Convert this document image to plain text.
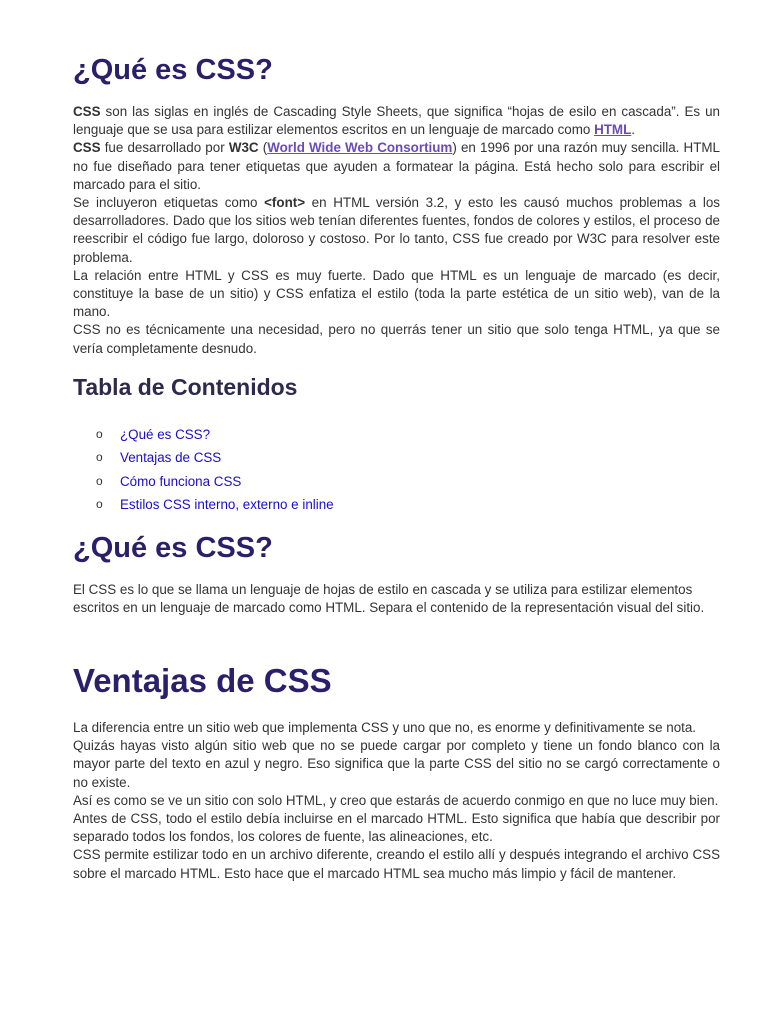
¿Qué es CSS?

CSS son las siglas en inglés de Cascading Style Sheets, que significa “hojas de esilo en cascada”. Es un lenguaje que se usa para estilizar elementos escritos en un lenguaje de marcado como HTML.

CSS fue desarrollado por W3C (World Wide Web Consortium) en 1996 por una razón muy sencilla. HTML no fue diseñado para tener etiquetas que ayuden a formatear la página. Está hecho solo para escribir el marcado para el sitio.

Se incluyeron etiquetas como <font> en HTML versión 3.2, y esto les causó muchos problemas a los desarrolladores. Dado que los sitios web tenían diferentes fuentes, fondos de colores y estilos, el proceso de reescribir el código fue largo, doloroso y costoso. Por lo tanto, CSS fue creado por W3C para resolver este problema.

La relación entre HTML y CSS es muy fuerte. Dado que HTML es un lenguaje de marcado (es decir, constituye la base de un sitio) y CSS enfatiza el estilo (toda la parte estética de un sitio web), van de la mano.

CSS no es técnicamente una necesidad, pero no querrás tener un sitio que solo tenga HTML, ya que se vería completamente desnudo.

Tabla de Contenidos
o	¿Qué es CSS?
o	Ventajas de CSS
o	Cómo funciona CSS
o	Estilos CSS interno, externo e inline
¿Qué es CSS?

El CSS es lo que se llama un lenguaje de hojas de estilo en cascada y se utiliza para estilizar elementos escritos en un lenguaje de marcado como HTML. Separa el contenido de la representación visual del sitio.

Ventajas de CSS

La diferencia entre un sitio web que implementa CSS y uno que no, es enorme y definitivamente se nota.

Quizás hayas visto algún sitio web que no se puede cargar por completo y tiene un fondo blanco con la mayor parte del texto en azul y negro. Eso significa que la parte CSS del sitio no se cargó correctamente o no existe.

Así es como se ve un sitio con solo HTML, y creo que estarás de acuerdo conmigo en que no luce muy bien.

Antes de CSS, todo el estilo debía incluirse en el marcado HTML. Esto significa que había que describir por separado todos los fondos, los colores de fuente, las alineaciones, etc.

CSS permite estilizar todo en un archivo diferente, creando el estilo allí y después integrando el archivo CSS sobre el marcado HTML. Esto hace que el marcado HTML sea mucho más limpio y fácil de mantener.
